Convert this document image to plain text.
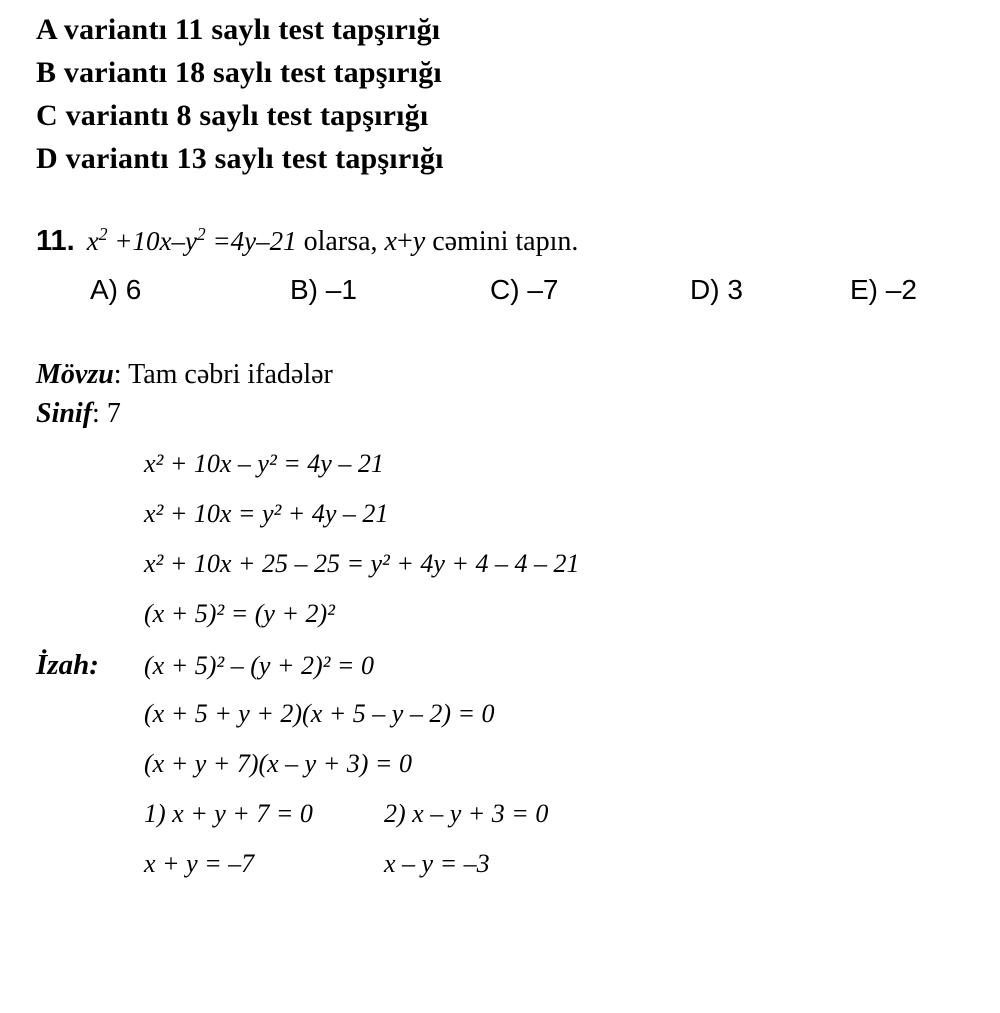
A variantı 11 saylı test tapşırığı
B variantı 18 saylı test tapşırığı
C variantı 8 saylı test tapşırığı
D variantı 13 saylı test tapşırığı
11. $x^2 +10x-y^2 =4y-21$ olarsa, x+y cəmini tapın.
A) 6	B) –1	C) –7	D) 3	E) –2
Mövzu: Tam cəbri ifadələr
Sinif: 7
x² + 10x – y² = 4y – 21
x² + 10x = y² + 4y – 21
x² + 10x + 25 – 25 = y² + 4y + 4 – 4 – 21
(x + 5)² = (y + 2)²
İzah:	(x + 5)² – (y + 2)² = 0
(x + 5 + y + 2)(x + 5 – y – 2) = 0
(x + y + 7)(x – y + 3) = 0
1) x + y + 7 = 0	2) x – y + 3 = 0
x + y = –7	x – y = –3
